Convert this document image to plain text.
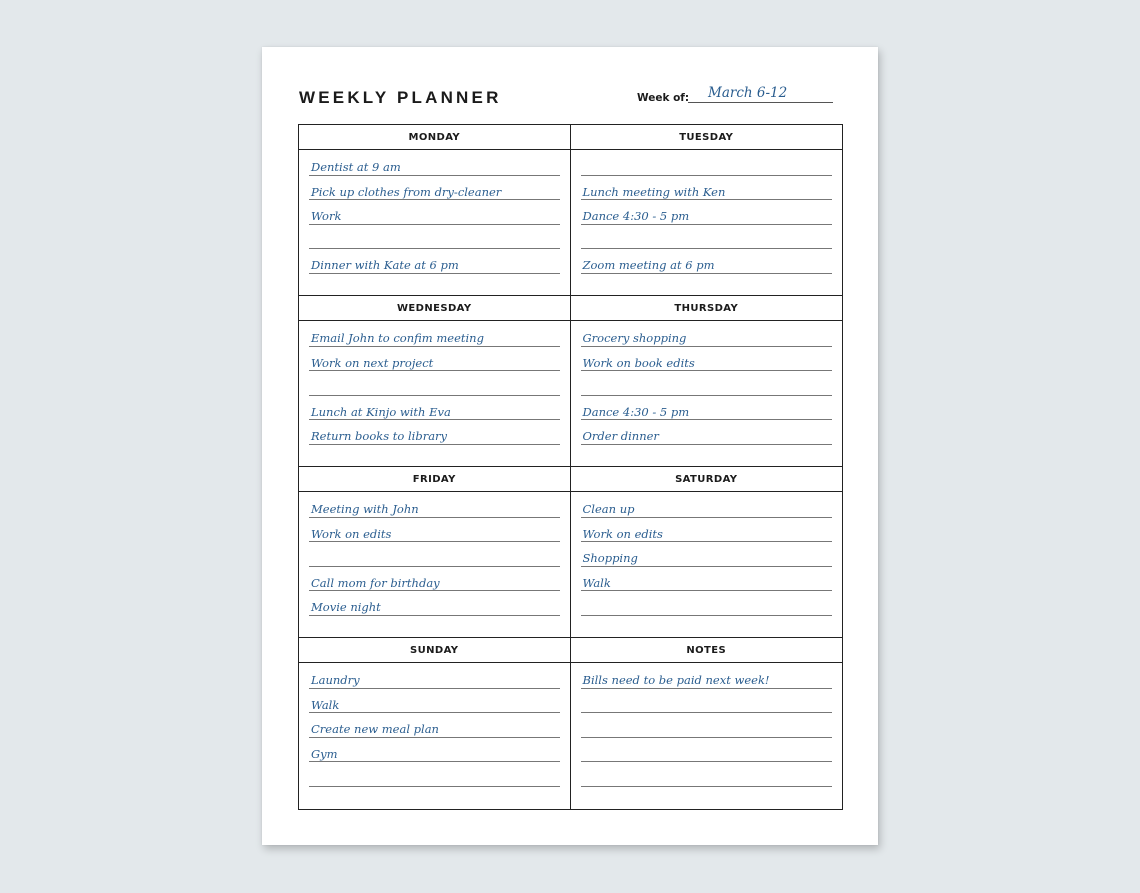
WEEKLY PLANNER	Week of:	March 6-12
MONDAY
Dentist at 9 am
Pick up clothes from dry-cleaner
Work
Dinner with Kate at 6 pm
TUESDAY
Lunch meeting with Ken
Dance 4:30 - 5 pm
Zoom meeting at 6 pm
WEDNESDAY
Email John to confim meeting
Work on next project
Lunch at Kinjo with Eva
Return books to library
THURSDAY
Grocery shopping
Work on book edits
Dance 4:30 - 5 pm
Order dinner
FRIDAY
Meeting with John
Work on edits
Call mom for birthday
Movie night
SATURDAY
Clean up
Work on edits
Shopping
Walk
SUNDAY
Laundry
Walk
Create new meal plan
Gym
NOTES
Bills need to be paid next week!
